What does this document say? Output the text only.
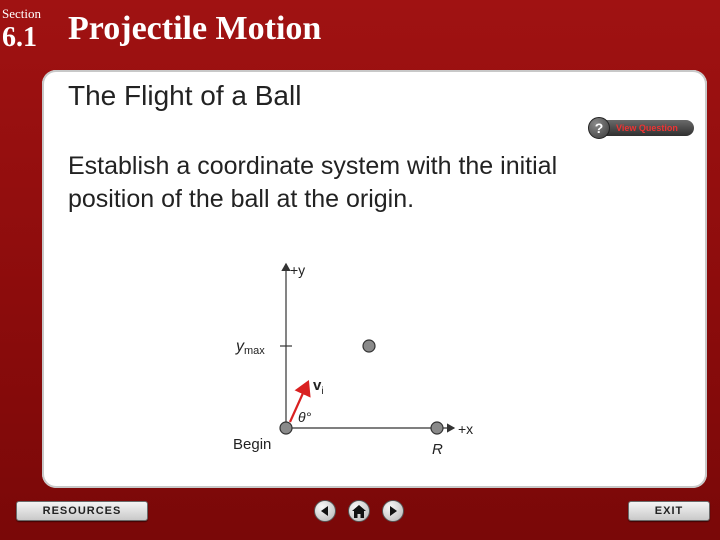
Section
6.1 Projectile Motion
The Flight of a Ball
?	View Question
Establish a coordinate system with the initial position of the ball at the origin.
+y
ymax
+x
$v_i$
θ°
Begin	R
RESOURCES	EXIT
